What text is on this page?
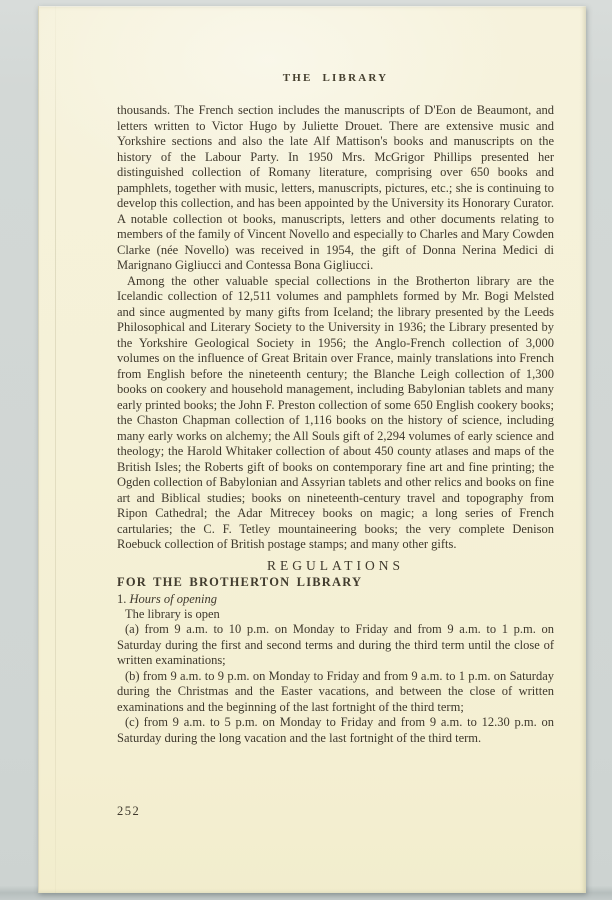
THE LIBRARY

thousands. The French section includes the manuscripts of D'Eon de Beaumont, and letters written to Victor Hugo by Juliette Drouet. There are extensive music and Yorkshire sections and also the late Alf Mattison's books and manuscripts on the history of the Labour Party. In 1950 Mrs. McGrigor Phillips presented her distinguished collection of Romany literature, comprising over 650 books and pamphlets, together with music, letters, manuscripts, pictures, etc.; she is continuing to develop this collection, and has been appointed by the University its Honorary Curator. A notable collection ot books, manuscripts, letters and other documents relating to members of the family of Vincent Novello and especially to Charles and Mary Cowden Clarke (née Novello) was received in 1954, the gift of Donna Nerina Medici di Marignano Gigliucci and Contessa Bona Gigliucci.

Among the other valuable special collections in the Brotherton library are the Icelandic collection of 12,511 volumes and pamphlets formed by Mr. Bogi Melsted and since augmented by many gifts from Iceland; the library presented by the Leeds Philosophical and Literary Society to the University in 1936; the Library presented by the Yorkshire Geological Society in 1956; the Anglo-French collection of 3,000 volumes on the influence of Great Britain over France, mainly translations into French from English before the nineteenth century; the Blanche Leigh collection of 1,300 books on cookery and household management, including Babylonian tablets and many early printed books; the John F. Preston collection of some 650 English cookery books; the Chaston Chapman collection of 1,116 books on the history of science, including many early works on alchemy; the All Souls gift of 2,294 volumes of early science and theology; the Harold Whitaker collection of about 450 county atlases and maps of the British Isles; the Roberts gift of books on contemporary fine art and fine printing; the Ogden collection of Babylonian and Assyrian tablets and other relics and books on fine art and Biblical studies; books on nineteenth-century travel and topography from Ripon Cathedral; the Adar Mitrecey books on magic; a long series of French cartularies; the C. F. Tetley mountaineering books; the very complete Denison Roebuck collection of British postage stamps; and many other gifts.

REGULATIONS

FOR THE BROTHERTON LIBRARY

1. Hours of opening

The library is open

(a) from 9 a.m. to 10 p.m. on Monday to Friday and from 9 a.m. to 1 p.m. on Saturday during the first and second terms and during the third term until the close of written examinations;

(b) from 9 a.m. to 9 p.m. on Monday to Friday and from 9 a.m. to 1 p.m. on Saturday during the Christmas and the Easter vacations, and between the close of written examinations and the beginning of the last fortnight of the third term;

(c) from 9 a.m. to 5 p.m. on Monday to Friday and from 9 a.m. to 12.30 p.m. on Saturday during the long vacation and the last fortnight of the third term.

252
